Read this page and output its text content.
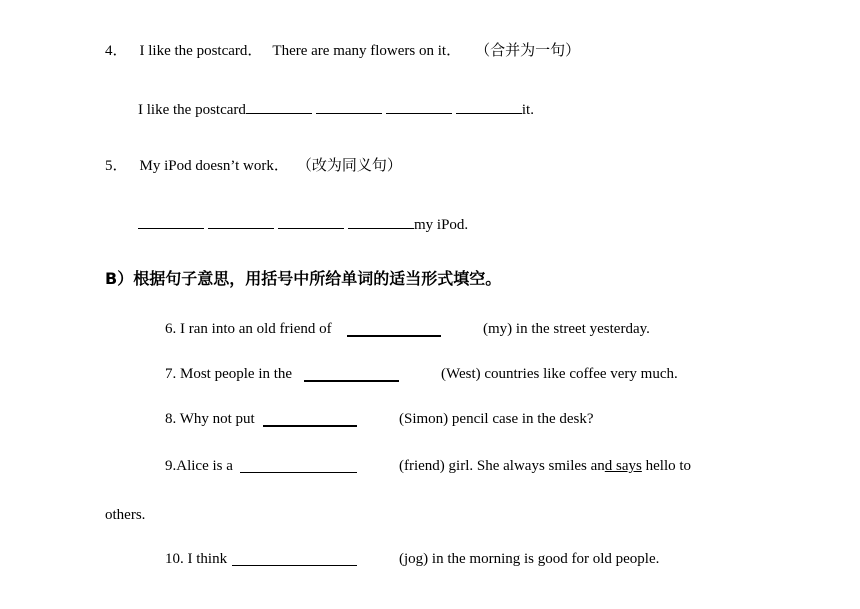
4． I like the postcard． There are many flowers on it． （合并为一句）
I like the postcard	it.
5． My iPod doesn’t work． （改为同义句）
my iPod.
B）根据句子意思，用括号中所给单词的适当形式填空。
6. I ran into an old friend of	(my) in the street yesterday.
7. Most people in the	(West) countries like coffee very much.
8. Why not put	(Simon) pencil case in the desk?
9.Alice is a	(friend) girl. She always smiles and says hello to
others.
10. I think	(jog) in the morning is good for old people.
